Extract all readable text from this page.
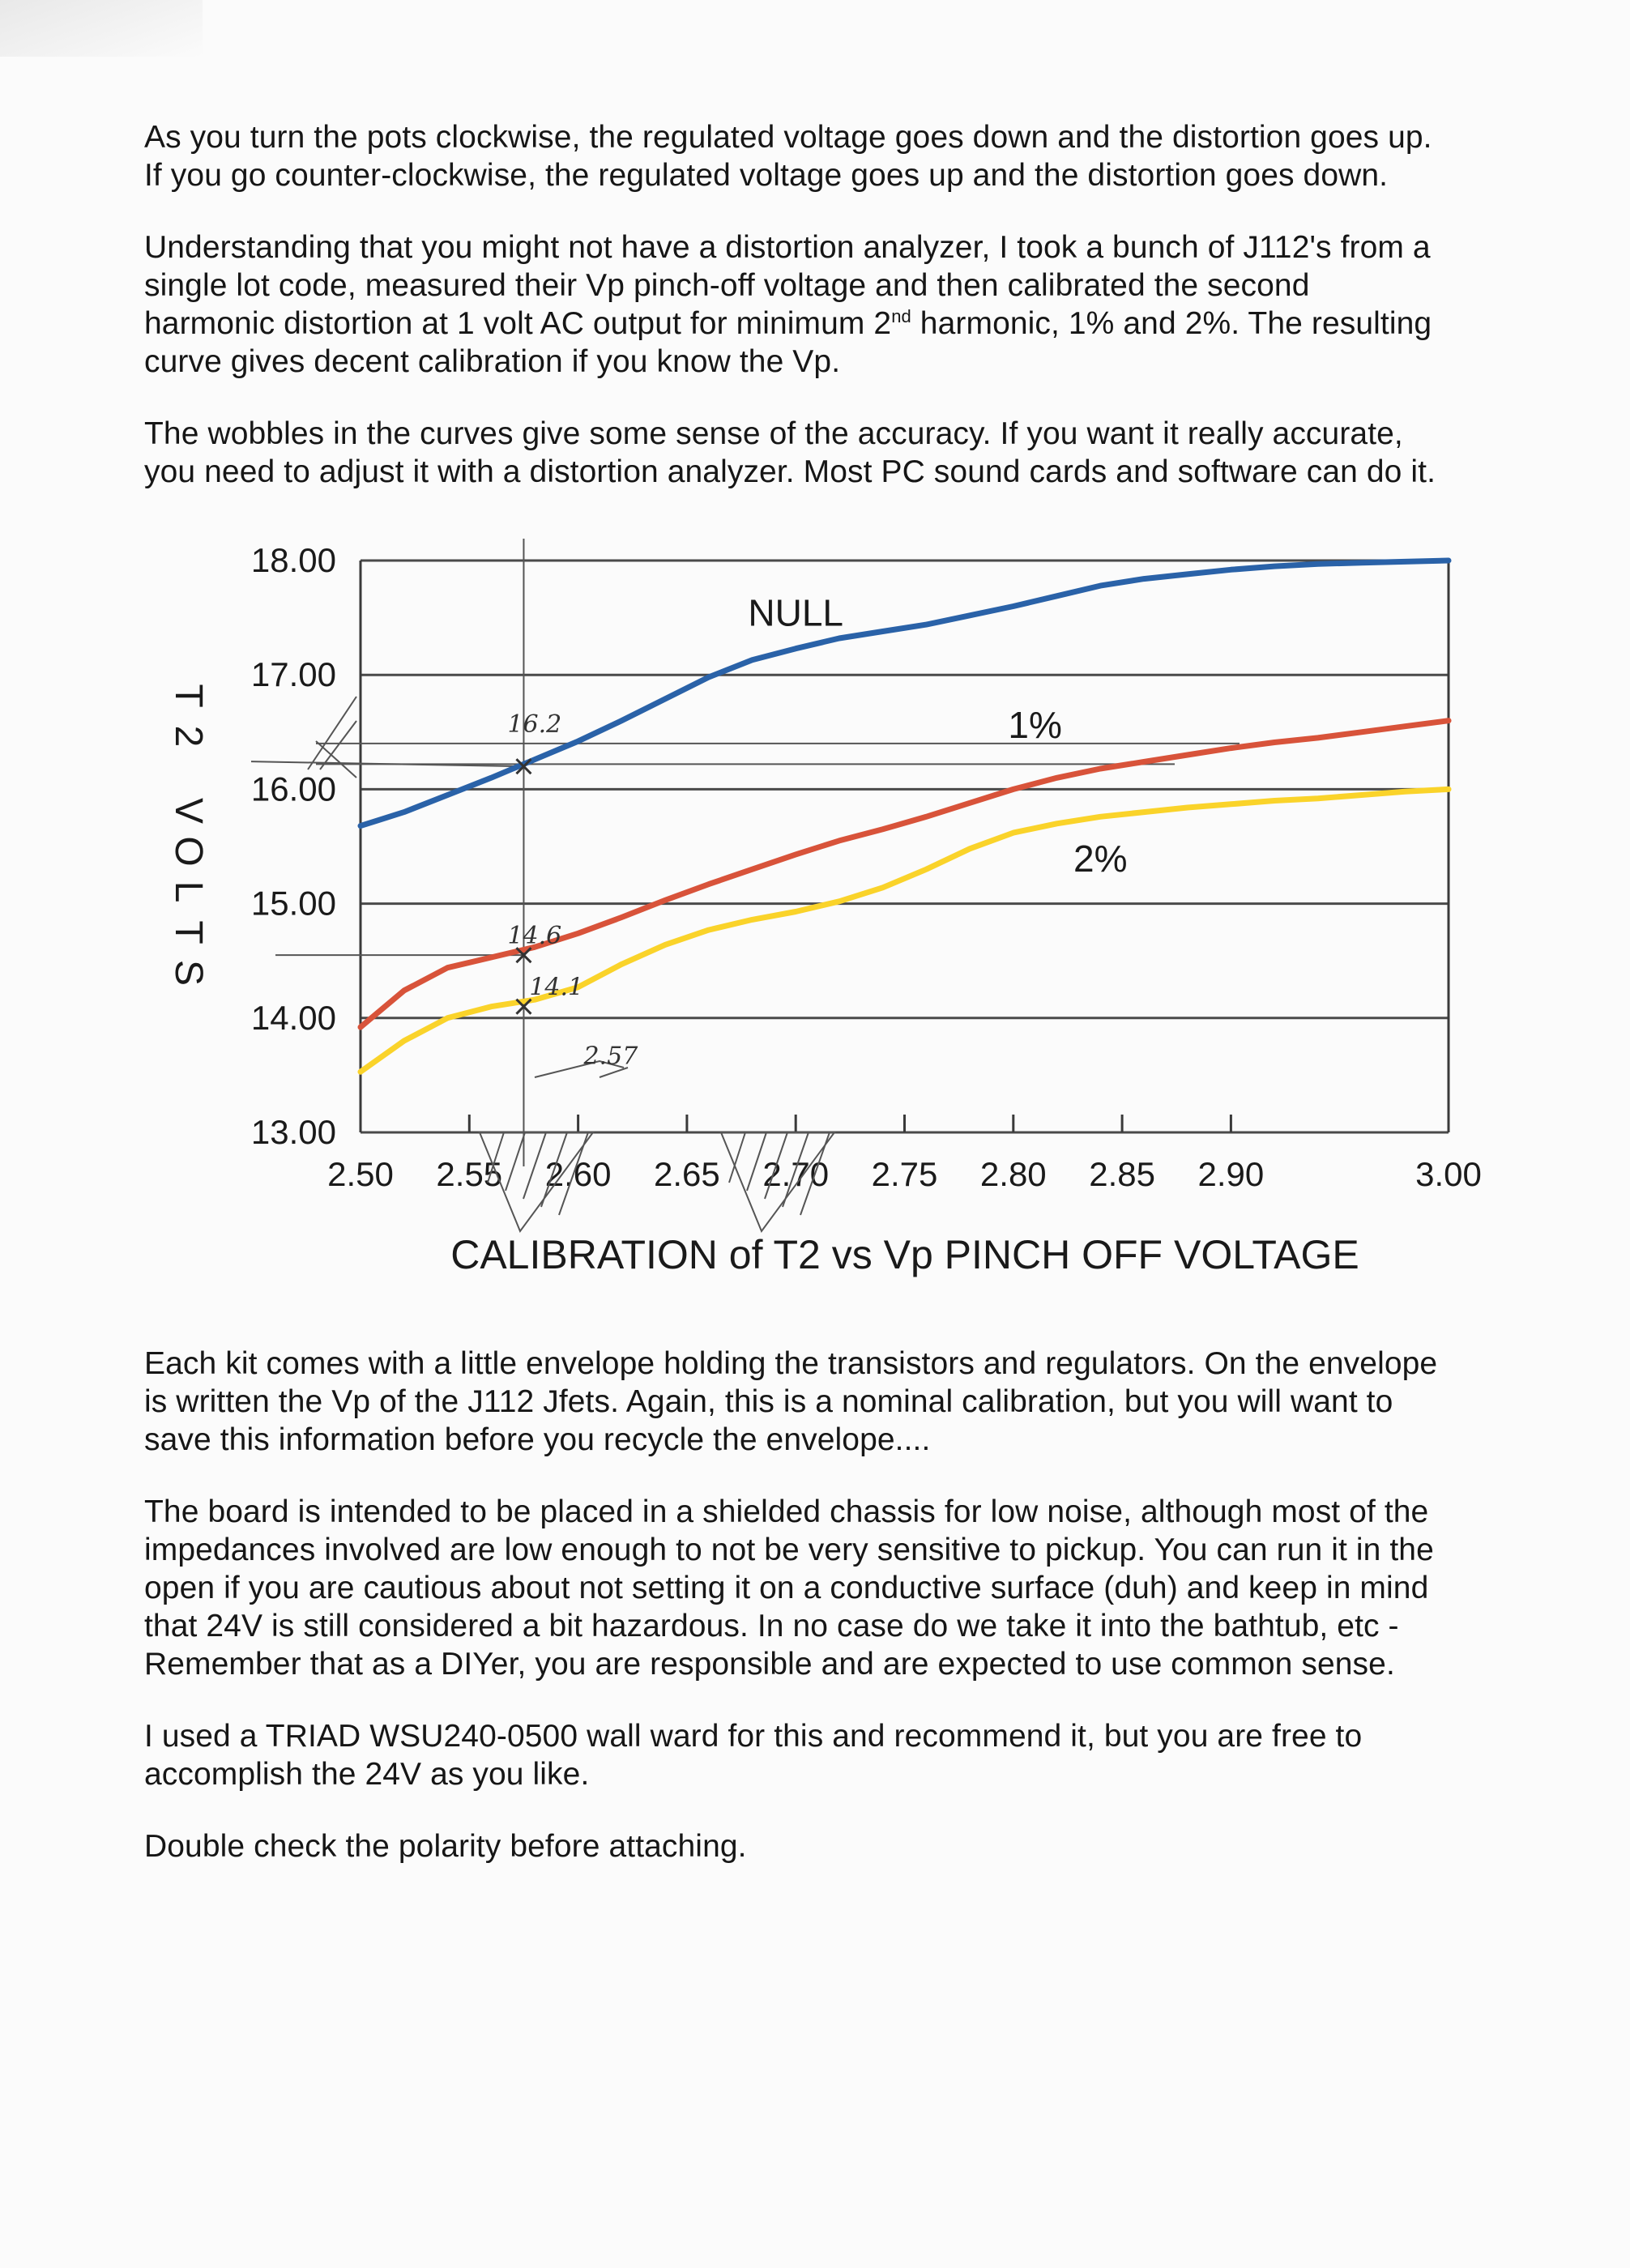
As you turn the pots clockwise, the regulated voltage goes down and the distortion goes up.

If you go counter-clockwise, the regulated voltage goes up and the distortion goes down.

Understanding that you might not have a distortion analyzer, I took a bunch of J112's from a

single lot code, measured their Vp pinch-off voltage and then calibrated the second

harmonic distortion at 1 volt AC output for minimum 2nd harmonic, 1% and 2%. The resulting

curve gives decent calibration if you know the Vp.

The wobbles in the curves give some sense of the accuracy. If you want it really accurate,

you need to adjust it with a distortion analyzer. Most PC sound cards and software can do it.

18.00
17.00
16.00
15.00
14.00
13.00
2.50 2.55 2.60 2.65 2.70 2.75 2.80 2.85 2.90	3.00
CALIBRATION of T2 vs Vp PINCH OFF VOLTAGE
T
2
V
O
L
T
S
NULL
1%
2%
16.2
14.6
14.1
2.57

Each kit comes with a little envelope holding the transistors and regulators. On the envelope

is written the Vp of the J112 Jfets. Again, this is a nominal calibration, but you will want to

save this information before you recycle the envelope....

The board is intended to be placed in a shielded chassis for low noise, although most of the

impedances involved are low enough to not be very sensitive to pickup. You can run it in the

open if you are cautious about not setting it on a conductive surface (duh) and keep in mind

that 24V is still considered a bit hazardous. In no case do we take it into the bathtub, etc -

Remember that as a DIYer, you are responsible and are expected to use common sense.

I used a TRIAD WSU240-0500 wall ward for this and recommend it, but you are free to

accomplish the 24V as you like.

Double check the polarity before attaching.
